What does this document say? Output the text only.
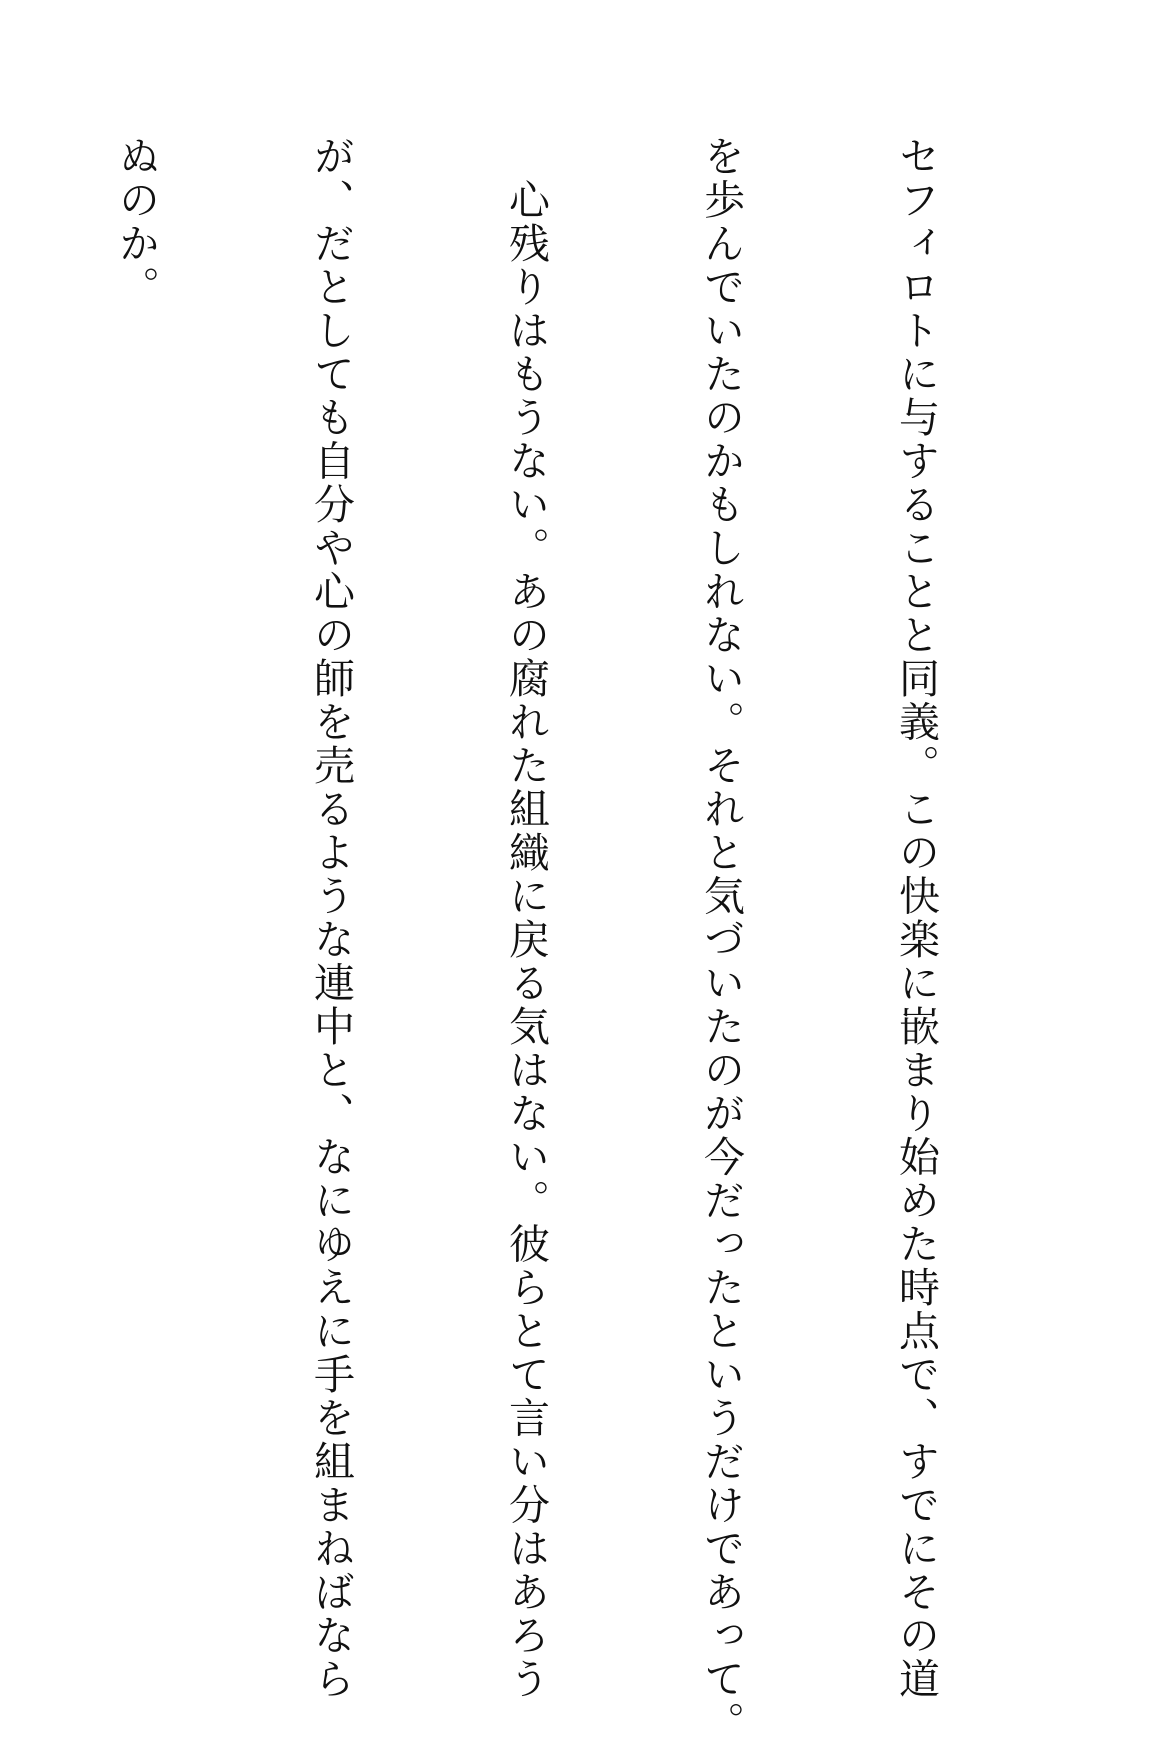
セフィロトに与することと同義。この快楽に嵌まり始めた時点で、すでにその道

を歩んでいたのかもしれない。それと気づいたのが今だったというだけであって。

　心残りはもうない。あの腐れた組織に戻る気はない。彼らとて言い分はあろう

が、だとしても自分や心の師を売るような連中と、なにゆえに手を組まねばなら

ぬのか。
